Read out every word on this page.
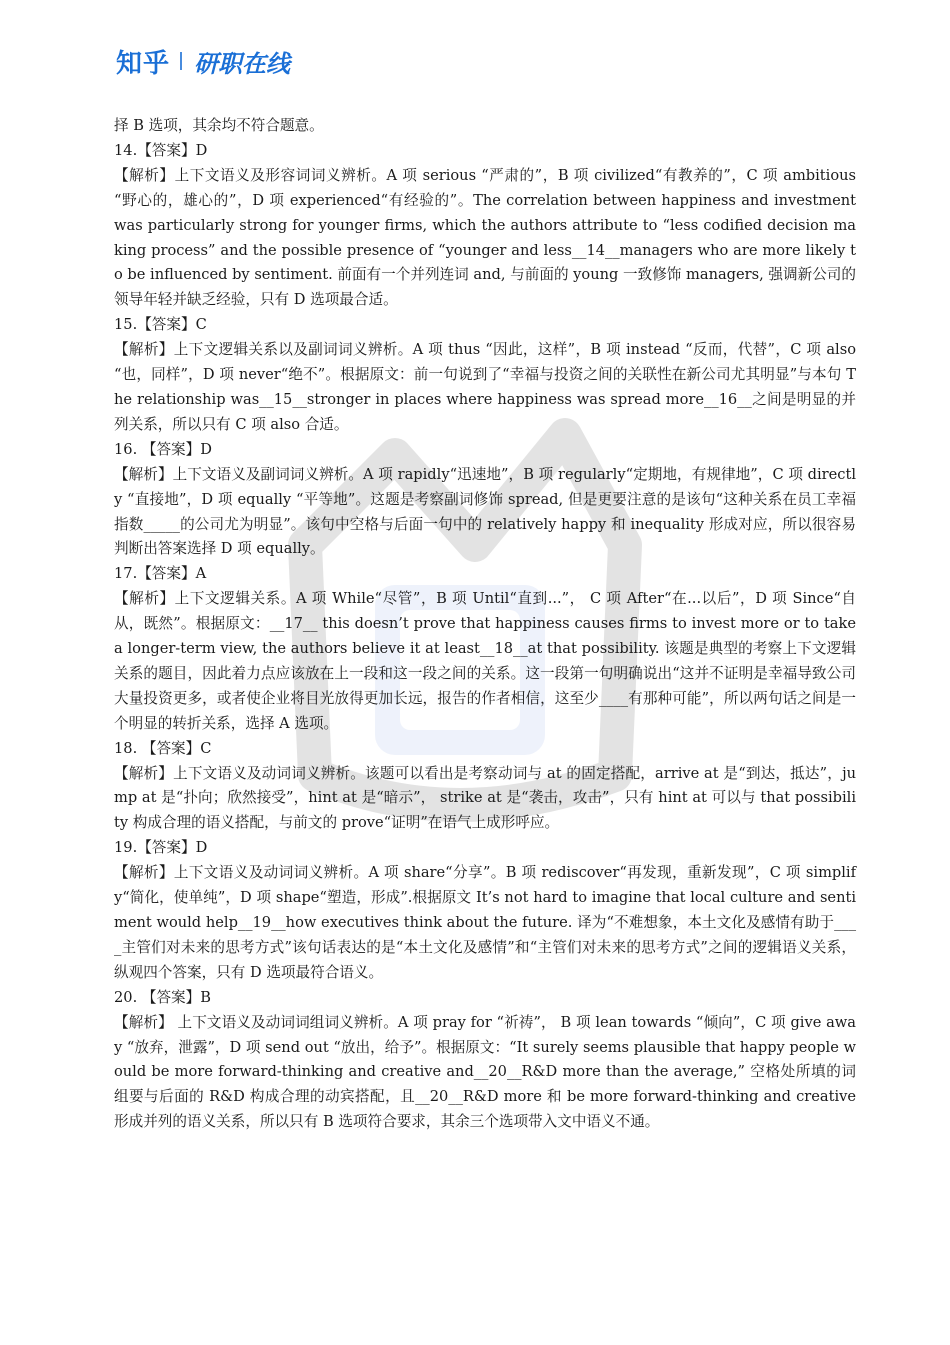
知乎 研职在线

择 B 选项，其余均不符合题意。

14.【答案】D

【解析】上下文语义及形容词词义辨析。A 项 serious “严肃的”，B 项 civilized“有教养的”，C 项 ambitious “野心的，雄心的”，D 项 experienced“有经验的”。The correlation between happiness and investment was particularly strong for younger firms, which the authors attribute to “less codified decision making process” and the possible presence of “younger and less__14__managers who are more likely to be influenced by sentiment. 前面有一个并列连词 and, 与前面的 young 一致修饰 managers, 强调新公司的领导年轻并缺乏经验，只有 D 选项最合适。

15.【答案】C

【解析】上下文逻辑关系以及副词词义辨析。A 项 thus “因此，这样”，B 项 instead “反而，代替”，C 项 also “也，同样”，D 项 never“绝不”。根据原文：前一句说到了“幸福与投资之间的关联性在新公司尤其明显”与本句 The relationship was__15__stronger in places where happiness was spread more__16__之间是明显的并列关系，所以只有 C 项 also 合适。

16. 【答案】D

【解析】上下文语义及副词词义辨析。A 项 rapidly“迅速地”，B 项 regularly“定期地，有规律地”，C 项 directly “直接地”，D 项 equally “平等地”。这题是考察副词修饰 spread, 但是更要注意的是该句“这种关系在员工幸福指数_____的公司尤为明显”。该句中空格与后面一句中的 relatively happy 和 inequality 形成对应，所以很容易判断出答案选择 D 项 equally。

17.【答案】A

【解析】上下文逻辑关系。A 项 While“尽管”，B 项 Until“直到...”， C 项 After“在...以后”，D 项 Since“自从，既然”。根据原文：__17__ this doesn’t prove that happiness causes firms to invest more or to take a longer-term view, the authors believe it at least__18__at that possibility. 该题是典型的考察上下文逻辑关系的题目，因此着力点应该放在上一段和这一段之间的关系。这一段第一句明确说出“这并不证明是幸福导致公司大量投资更多，或者使企业将目光放得更加长远，报告的作者相信，这至少____有那种可能”，所以两句话之间是一个明显的转折关系，选择 A 选项。

18. 【答案】C

【解析】上下文语义及动词词义辨析。该题可以看出是考察动词与 at 的固定搭配，arrive at 是“到达，抵达”，jump at 是“扑向；欣然接受”，hint at 是“暗示”， strike at 是“袭击，攻击”，只有 hint at 可以与 that possibility 构成合理的语义搭配，与前文的 prove“证明”在语气上成形呼应。

19.【答案】D

【解析】上下文语义及动词词义辨析。A 项 share“分享”。B 项 rediscover“再发现，重新发现”，C 项 simplify“简化，使单纯”，D 项 shape“塑造，形成”.根据原文 It’s not hard to imagine that local culture and sentiment would help__19__how executives think about the future. 译为“不难想象，本土文化及感情有助于____主管们对未来的思考方式”该句话表达的是“本土文化及感情”和“主管们对未来的思考方式”之间的逻辑语义关系，纵观四个答案，只有 D 选项最符合语义。

20. 【答案】B

【解析】 上下文语义及动词词组词义辨析。A 项 pray for “祈祷”， B 项 lean towards “倾向”，C 项 give away “放弃，泄露”，D 项 send out “放出，给予”。根据原文：“It surely seems plausible that happy people would be more forward-thinking and creative and__20__R&D more than the average,” 空格处所填的词组要与后面的 R&D 构成合理的动宾搭配，且__20__R&D more 和 be more forward-thinking and creative 形成并列的语义关系，所以只有 B 选项符合要求，其余三个选项带入文中语义不通。
